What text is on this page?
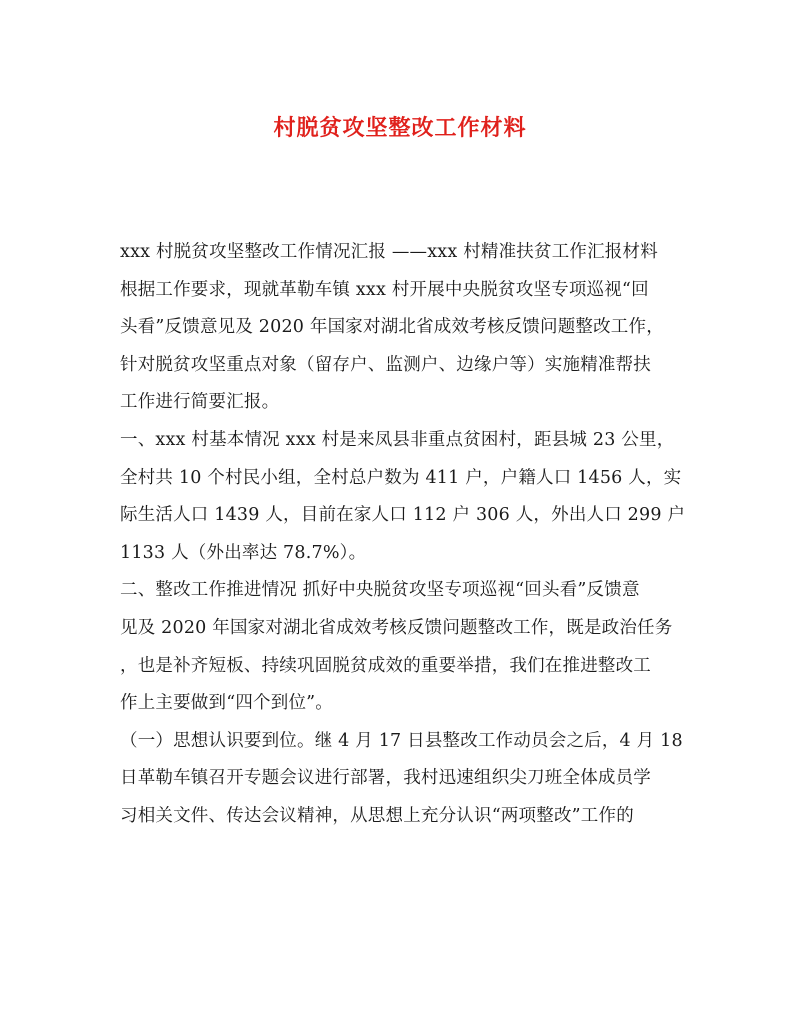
村脱贫攻坚整改工作材料
xxx 村脱贫攻坚整改工作情况汇报 ——xxx 村精准扶贫工作汇报材料
根据工作要求，现就革勒车镇 xxx 村开展中央脱贫攻坚专项巡视“回
头看”反馈意见及 2020 年国家对湖北省成效考核反馈问题整改工作，
针对脱贫攻坚重点对象（留存户、监测户、边缘户等）实施精准帮扶
工作进行简要汇报。
一、xxx 村基本情况 xxx 村是来凤县非重点贫困村，距县城 23 公里，
全村共 10 个村民小组，全村总户数为 411 户，户籍人口 1456 人，实
际生活人口 1439 人，目前在家人口 112 户 306 人，外出人口 299 户
1133 人（外出率达 78.7%）。
二、整改工作推进情况 抓好中央脱贫攻坚专项巡视“回头看”反馈意
见及 2020 年国家对湖北省成效考核反馈问题整改工作，既是政治任务
，也是补齐短板、持续巩固脱贫成效的重要举措，我们在推进整改工
作上主要做到“四个到位”。
（一）思想认识要到位。继 4 月 17 日县整改工作动员会之后，4 月 18
日革勒车镇召开专题会议进行部署，我村迅速组织尖刀班全体成员学
习相关文件、传达会议精神，从思想上充分认识“两项整改”工作的
